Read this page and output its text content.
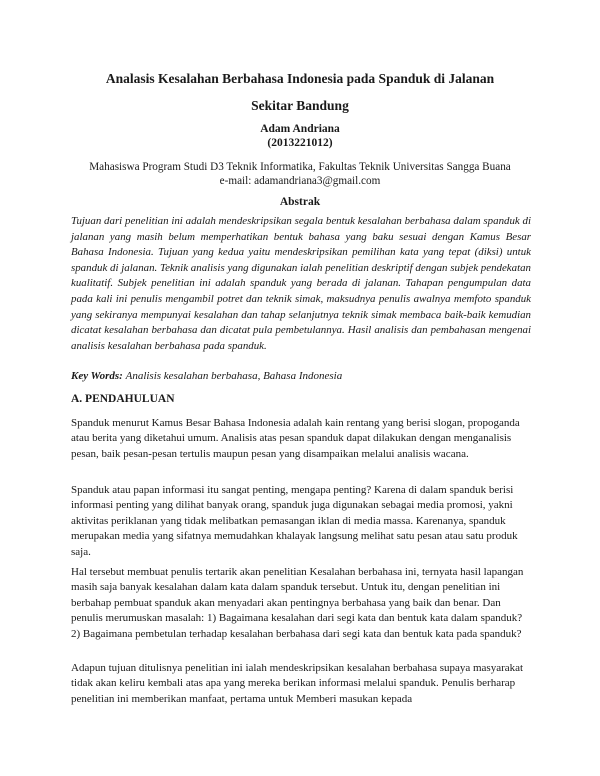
Analasis Kesalahan Berbahasa Indonesia pada Spanduk di Jalanan
Sekitar Bandung
Adam Andriana
(2013221012)
Mahasiswa Program Studi D3 Teknik Informatika, Fakultas Teknik Universitas Sangga Buana
e-mail: adamandriana3@gmail.com
Abstrak
Tujuan dari penelitian ini adalah mendeskripsikan segala bentuk kesalahan berbahasa dalam spanduk di jalanan yang masih belum memperhatikan bentuk bahasa yang baku sesuai dengan Kamus Besar Bahasa Indonesia. Tujuan yang kedua yaitu mendeskripsikan pemilihan kata yang tepat (diksi) untuk spanduk di jalanan. Teknik analisis yang digunakan ialah penelitian deskriptif dengan subjek pendekatan kualitatif. Subjek penelitian ini adalah spanduk yang berada di jalanan. Tahapan pengumpulan data pada kali ini penulis mengambil potret dan teknik simak, maksudnya penulis awalnya memfoto spanduk yang sekiranya mempunyai kesalahan dan tahap selanjutnya teknik simak membaca baik-baik kemudian dicatat kesalahan berbahasa dan dicatat pula pembetulannya. Hasil analisis dan pembahasan mengenai analisis kesalahan berbahasa pada spanduk.
Key Words: Analisis kesalahan berbahasa, Bahasa Indonesia
A. PENDAHULUAN
Spanduk menurut Kamus Besar Bahasa Indonesia adalah kain rentang yang berisi slogan, propoganda atau berita yang diketahui umum. Analisis atas pesan spanduk dapat dilakukan dengan menganalisis pesan, baik pesan-pesan tertulis maupun pesan yang disampaikan melalui analisis wacana.
Spanduk atau papan informasi itu sangat penting, mengapa penting? Karena di dalam spanduk berisi informasi penting yang dilihat banyak orang, spanduk juga digunakan sebagai media promosi, yakni aktivitas periklanan yang tidak melibatkan pemasangan iklan di media massa. Karenanya, spanduk merupakan media yang sifatnya memudahkan khalayak langsung melihat satu pesan atau satu produk saja.
Hal tersebut membuat penulis tertarik akan penelitian Kesalahan berbahasa ini, ternyata hasil lapangan masih saja banyak kesalahan dalam kata dalam spanduk tersebut. Untuk itu, dengan penelitian ini berbahap pembuat spanduk akan menyadari akan pentingnya berbahasa yang baik dan benar. Dan penulis merumuskan masalah: 1) Bagaimana kesalahan dari segi kata dan bentuk kata dalam spanduk? 2) Bagaimana pembetulan terhadap kesalahan berbahasa dari segi kata dan bentuk kata pada spanduk?
Adapun tujuan ditulisnya penelitian ini ialah mendeskripsikan kesalahan berbahasa supaya masyarakat tidak akan keliru kembali atas apa yang mereka berikan informasi melalui spanduk. Penulis berharap penelitian ini memberikan manfaat, pertama untuk Memberi masukan kepada
